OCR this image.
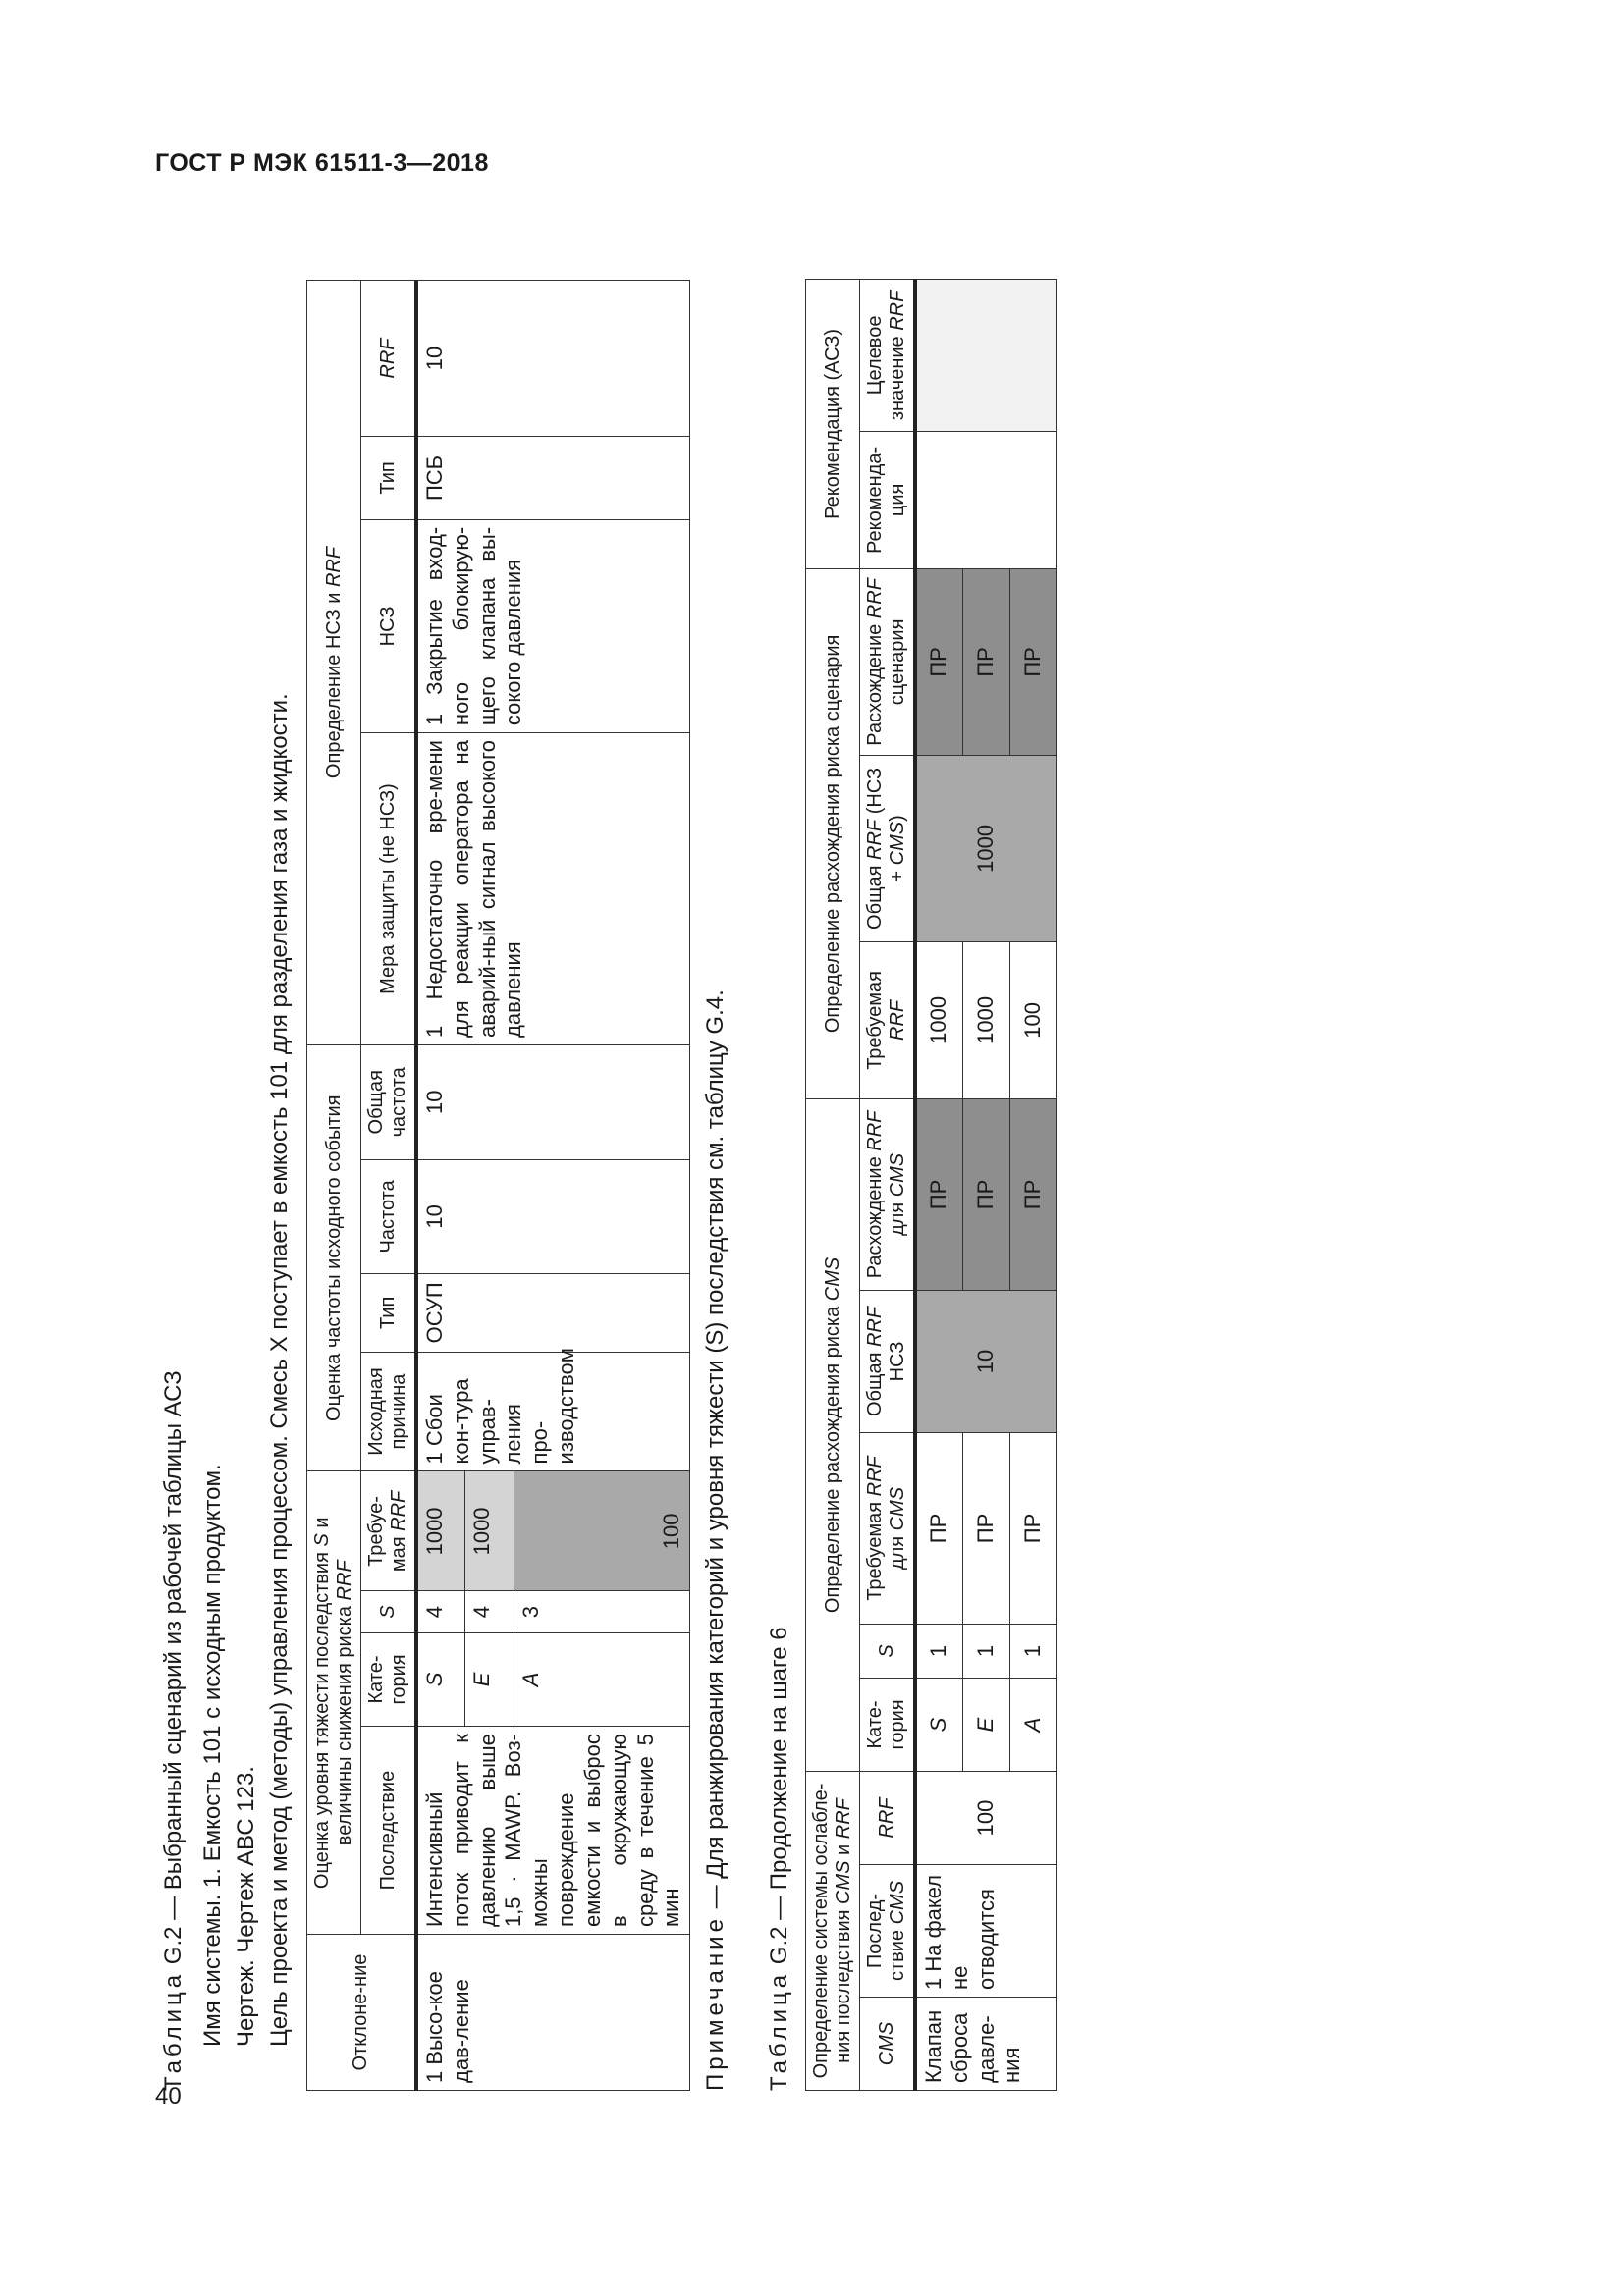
ГОСТ Р МЭК 61511-3—2018
40
Таблица G.2 — Выбранный сценарий из рабочей таблицы АСЗ Имя системы. 1. Емкость 101 с исходным продуктом. Чертеж. Чертеж АВС 123. Цель проекта и метод (методы) управления процессом. Смесь X поступает в емкость 101 для разделения газа и жидкости.	Отклоне-ние	Оценка уровня тяжести последствия S и величины снижения риска RRF				Оценка частоты исходного события				Определение НСЗ и RRF			
	Последствие	Кате-гория	S	Требуе-мая RRF	Исходная причина	Тип	Частота	Общая частота	Мера защиты (не НСЗ)	НСЗ	Тип	RRF
1 Высо-кое дав-ление	Интенсивный поток приводит к давлению выше 1,5 · MAWP. Воз-можны повреждение емкости и выброс в окружающую среду в течение 5 мин	S	4	1000	1 Сбои кон-тура управ-ления про-изводством	ОСУП	10	10	1 Недостаточно вре-мени для реакции оператора на аварий-ный сигнал высокого давления	1 Закрытие вход-ного блокирую-щего клапана вы-сокого давления	ПСБ	10
		E	4	1000								
		A	3	100								
Примечание — Для ранжирования категорий и уровня тяжести (S) последствия см. таблицу G.4.
Таблица G.2 — Продолжение на шаге 6 Определение системы ослабле-ния последствия CMS и RRF			Определение расхождения риска CMS					Определение расхождения риска сценария			Рекомендация (АСЗ)	
CMS	Послед-ствие CMS	RRF	Кате-гория	S	Требуемая RRF для CMS	Общая RRF НСЗ	Расхождение RRF для CMS	Требуемая RRF	Общая RRF (НСЗ + CMS)	Расхождение RRF сценария	Рекоменда-ция	Целевое значение RRF
Клапан сброса давле-ния	1 На факел не отводится	100	S	1	ПР	10	ПР	1000	1000	ПР		
			E	1	ПР		ПР	1000		ПР		
			A	1	ПР		ПР	100		ПР		
